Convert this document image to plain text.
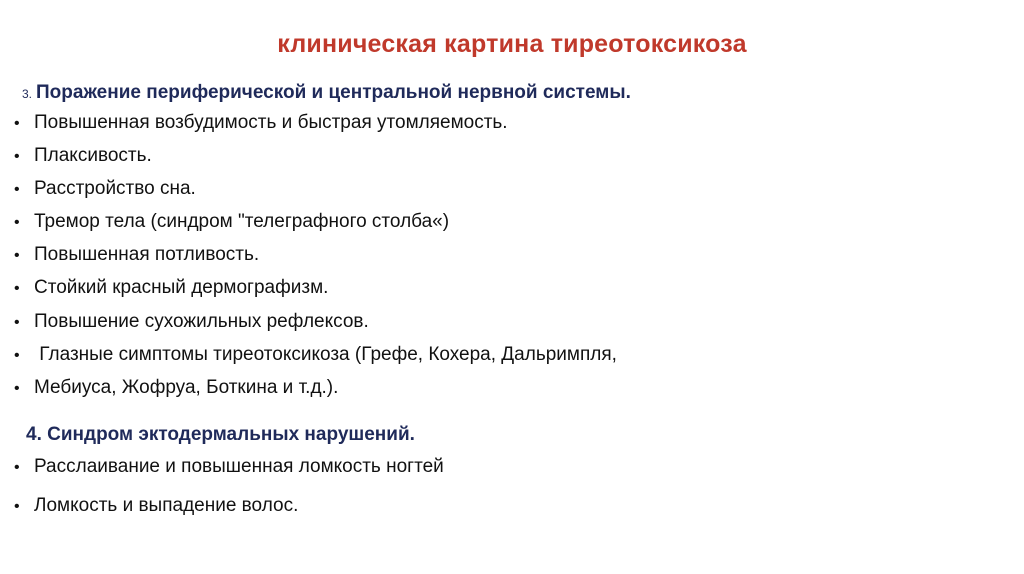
клиническая картина тиреотоксикоза
3. Поражение периферической и центральной нервной системы.
• Повышенная возбудимость и быстрая утомляемость.
• Плаксивость.
• Расстройство сна.
• Тремор тела (синдром "телеграфного столба«)
• Повышенная потливость.
• Стойкий красный дермографизм.
• Повышение сухожильных рефлексов.
• Глазные симптомы тиреотоксикоза (Грефе, Кохера, Дальримпля,
• Мебиуса, Жофруа, Боткина и т.д.).
4. Синдром эктодермальных нарушений.
• Расслаивание и повышенная ломкость ногтей
• Ломкость и выпадение волос.
